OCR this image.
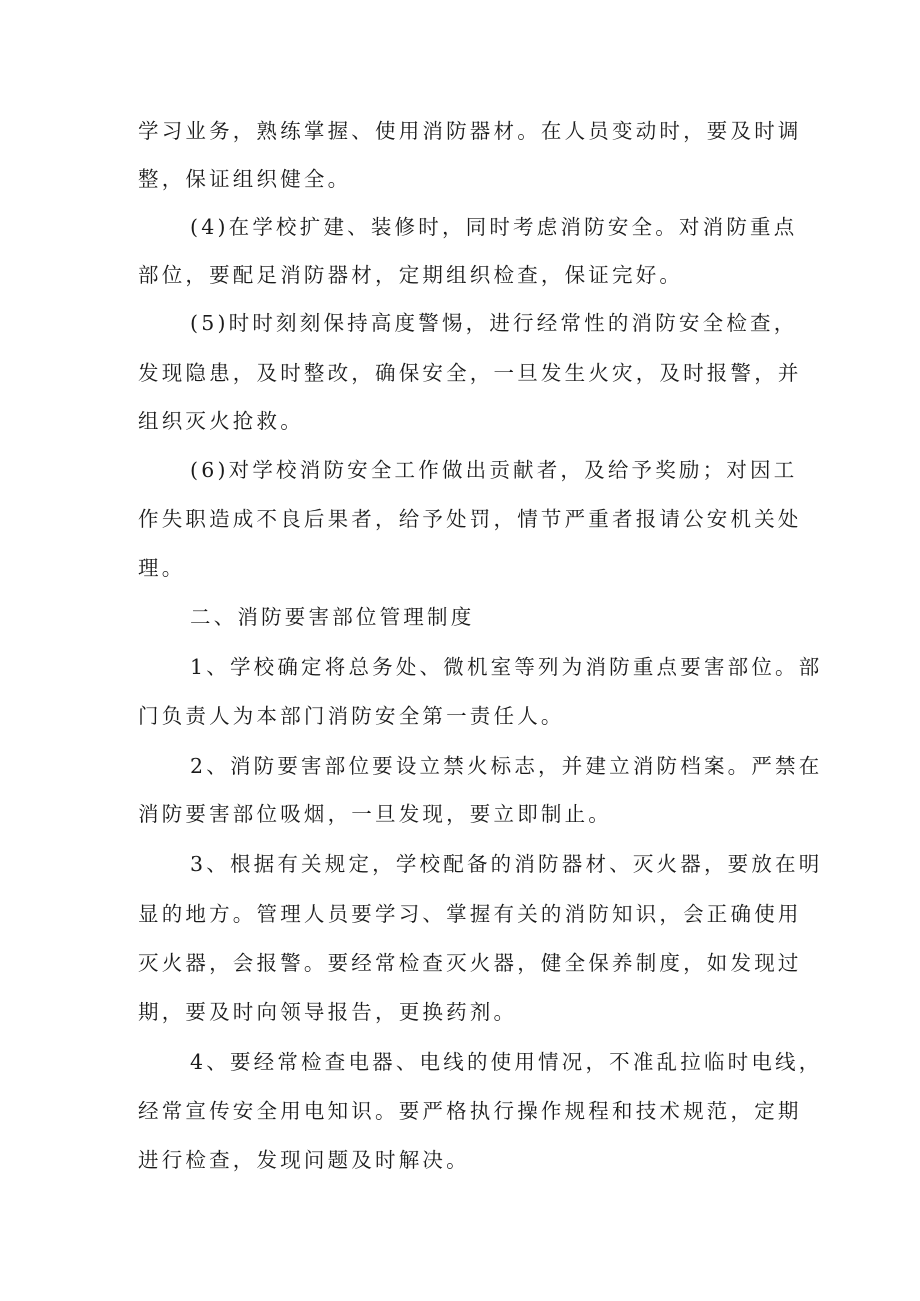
学习业务，熟练掌握、使用消防器材。在人员变动时，要及时调

整，保证组织健全。

(4)在学校扩建、装修时，同时考虑消防安全。对消防重点

部位，要配足消防器材，定期组织检查，保证完好。

(5)时时刻刻保持高度警惕，进行经常性的消防安全检查，

发现隐患，及时整改，确保安全，一旦发生火灾，及时报警，并

组织灭火抢救。

(6)对学校消防安全工作做出贡献者，及给予奖励；对因工

作失职造成不良后果者，给予处罚，情节严重者报请公安机关处

理。

二、消防要害部位管理制度

1、学校确定将总务处、微机室等列为消防重点要害部位。部

门负责人为本部门消防安全第一责任人。

2、消防要害部位要设立禁火标志，并建立消防档案。严禁在

消防要害部位吸烟，一旦发现，要立即制止。

3、根据有关规定，学校配备的消防器材、灭火器，要放在明

显的地方。管理人员要学习、掌握有关的消防知识，会正确使用

灭火器，会报警。要经常检查灭火器，健全保养制度，如发现过

期，要及时向领导报告，更换药剂。

4、要经常检查电器、电线的使用情况，不准乱拉临时电线，

经常宣传安全用电知识。要严格执行操作规程和技术规范，定期

进行检查，发现问题及时解决。
